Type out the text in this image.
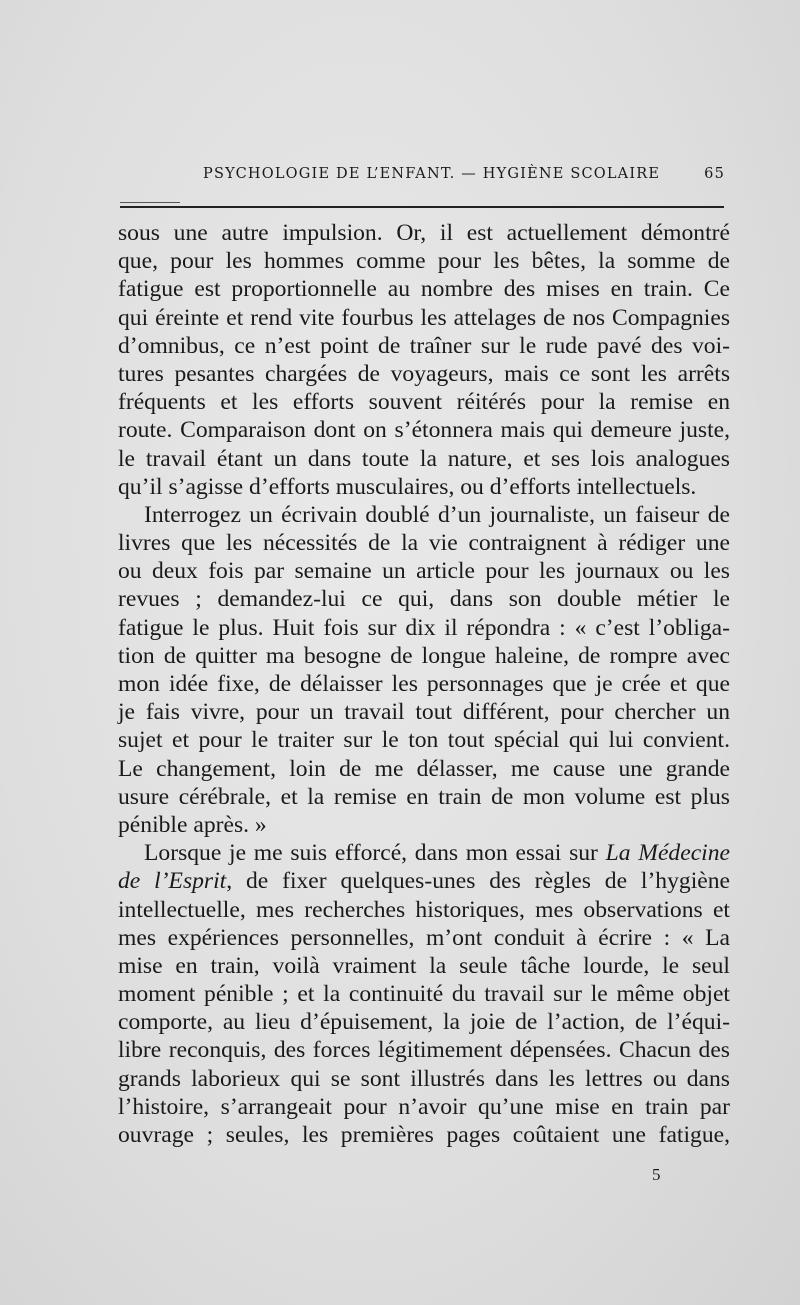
PSYCHOLOGIE DE L’ENFANT. — HYGIÈNE SCOLAIRE	65
sous une autre impulsion. Or, il est actuellement démontré
que, pour les hommes comme pour les bêtes, la somme de
fatigue est proportionnelle au nombre des mises en train. Ce
qui éreinte et rend vite fourbus les attelages de nos Compagnies
d’omnibus, ce n’est point de traîner sur le rude pavé des voi-
tures pesantes chargées de voyageurs, mais ce sont les arrêts
fréquents et les efforts souvent réitérés pour la remise en
route. Comparaison dont on s’étonnera mais qui demeure juste,
le travail étant un dans toute la nature, et ses lois analogues
qu’il s’agisse d’efforts musculaires, ou d’efforts intellectuels.
Interrogez un écrivain doublé d’un journaliste, un faiseur de
livres que les nécessités de la vie contraignent à rédiger une
ou deux fois par semaine un article pour les journaux ou les
revues ; demandez-lui ce qui, dans son double métier le
fatigue le plus. Huit fois sur dix il répondra : « c’est l’obliga-
tion de quitter ma besogne de longue haleine, de rompre avec
mon idée fixe, de délaisser les personnages que je crée et que
je fais vivre, pour un travail tout différent, pour chercher un
sujet et pour le traiter sur le ton tout spécial qui lui convient.
Le changement, loin de me délasser, me cause une grande
usure cérébrale, et la remise en train de mon volume est plus
pénible après. »
Lorsque je me suis efforcé, dans mon essai sur La Médecine
de l’Esprit, de fixer quelques-unes des règles de l’hygiène
intellectuelle, mes recherches historiques, mes observations et
mes expériences personnelles, m’ont conduit à écrire : « La
mise en train, voilà vraiment la seule tâche lourde, le seul
moment pénible ; et la continuité du travail sur le même objet
comporte, au lieu d’épuisement, la joie de l’action, de l’équi-
libre reconquis, des forces légitimement dépensées. Chacun des
grands laborieux qui se sont illustrés dans les lettres ou dans
l’histoire, s’arrangeait pour n’avoir qu’une mise en train par
ouvrage ; seules, les premières pages coûtaient une fatigue,
5
